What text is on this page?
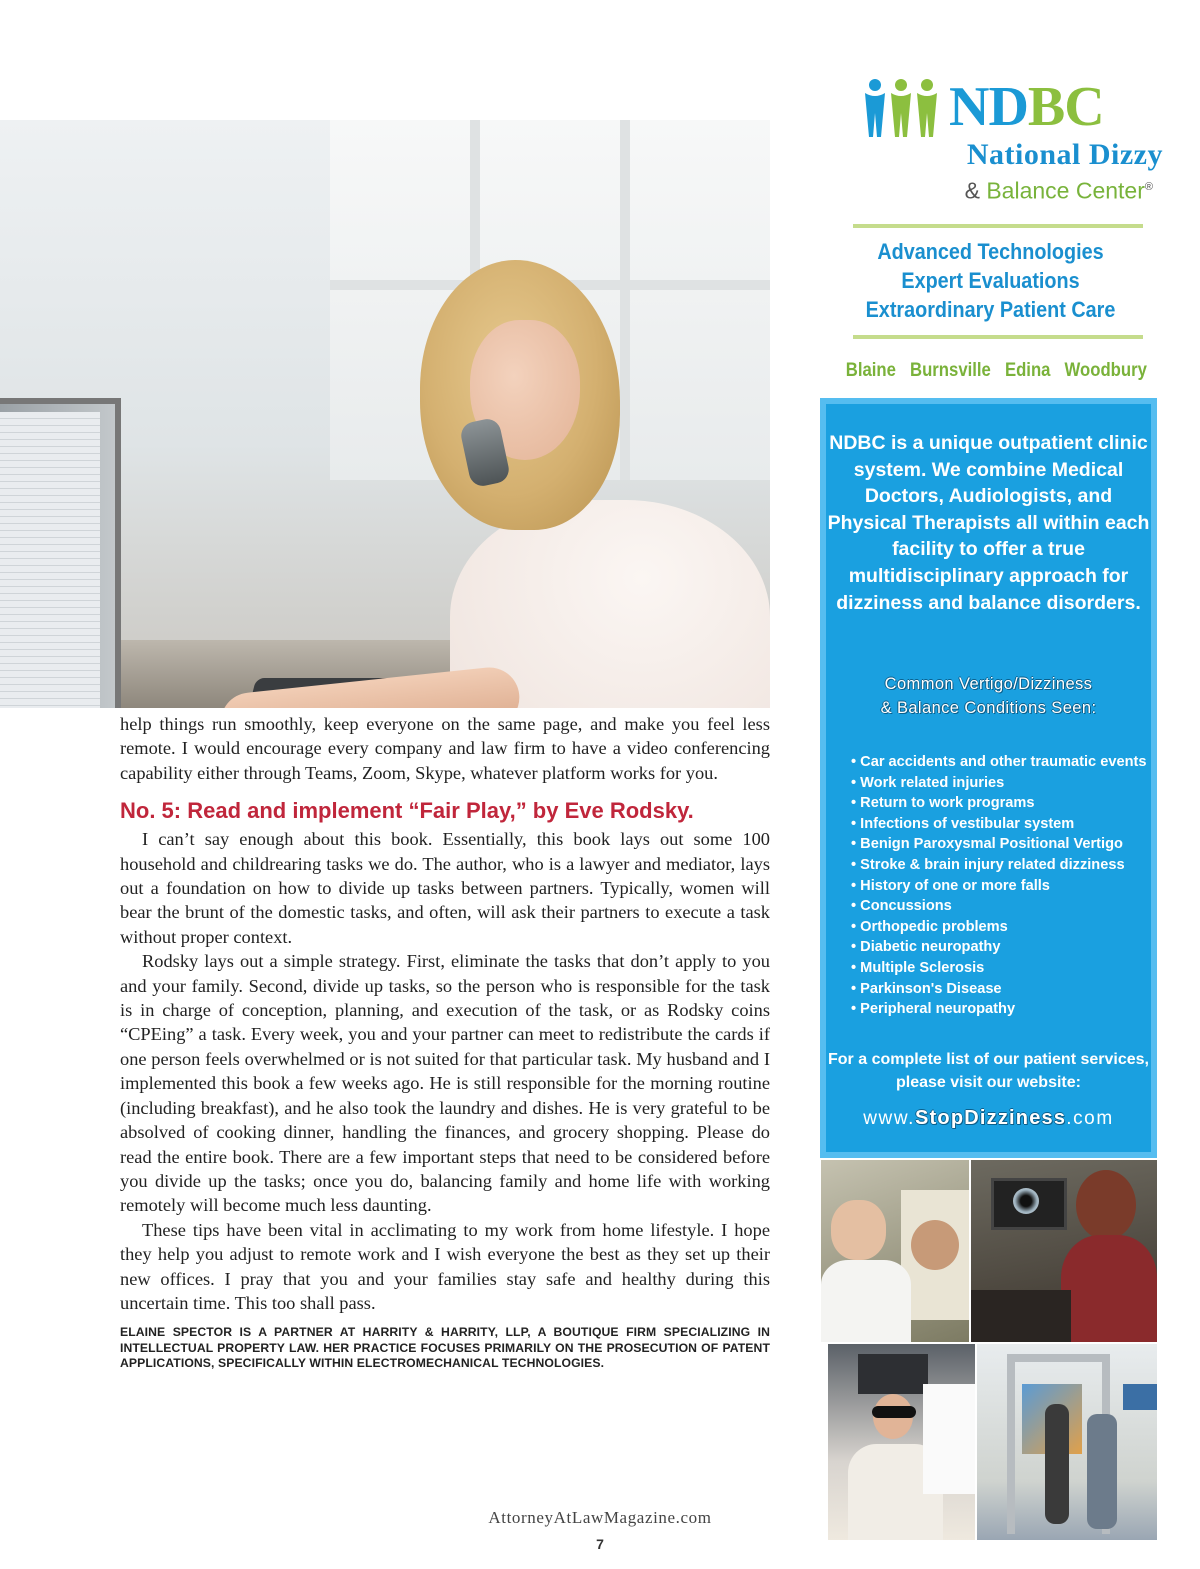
help things run smoothly, keep everyone on the same page, and make you feel less remote. I would encourage every company and law firm to have a video conferencing capability either through Teams, Zoom, Skype, whatever platform works for you.

No. 5: Read and implement “Fair Play,” by Eve Rodsky.

I can’t say enough about this book. Essentially, this book lays out some 100 household and childrearing tasks we do. The author, who is a lawyer and mediator, lays out a foundation on how to divide up tasks between partners. Typically, women will bear the brunt of the domestic tasks, and often, will ask their partners to execute a task without proper context.

Rodsky lays out a simple strategy. First, eliminate the tasks that don’t apply to you and your family. Second, divide up tasks, so the person who is responsible for the task is in charge of conception, planning, and execution of the task, or as Rodsky coins “CPEing” a task. Every week, you and your partner can meet to redistribute the cards if one person feels overwhelmed or is not suited for that particular task. My husband and I implemented this book a few weeks ago. He is still responsible for the morning routine (including breakfast), and he also took the laundry and dishes. He is very grateful to be absolved of cooking dinner, handling the finances, and grocery shopping. Please do read the entire book. There are a few important steps that need to be considered before you divide up the tasks; once you do, balancing family and home life with working remotely will become much less daunting.

These tips have been vital in acclimating to my work from home lifestyle. I hope they help you adjust to remote work and I wish everyone the best as they set up their new offices. I pray that you and your families stay safe and healthy during this uncertain time. This too shall pass.

ELAINE SPECTOR IS A PARTNER AT HARRITY & HARRITY, LLP, A BOUTIQUE FIRM SPECIALIZING IN INTELLECTUAL PROPERTY LAW. HER PRACTICE FOCUSES PRIMARILY ON THE PROSECUTION OF PATENT APPLICATIONS, SPECIFICALLY WITHIN ELECTROMECHANICAL TECHNOLOGIES.
AttorneyAtLawMagazine.com
7
NDBC
National Dizzy
& Balance Center®
Advanced Technologies
Expert Evaluations
Extraordinary Patient Care
Blaine Burnsville Edina Woodbury
NDBC is a unique outpatient clinic system. We combine Medical Doctors, Audiologists, and Physical Therapists all within each facility to offer a true multidisciplinary approach for dizziness and balance disorders.
Common Vertigo/Dizziness
& Balance Conditions Seen:
• Car accidents and other traumatic events
• Work related injuries
• Return to work programs
• Infections of vestibular system
• Benign Paroxysmal Positional Vertigo
• Stroke & brain injury related dizziness
• History of one or more falls
• Concussions
• Orthopedic problems
• Diabetic neuropathy
• Multiple Sclerosis
• Parkinson's Disease
• Peripheral neuropathy
For a complete list of our patient services, please visit our website:
www.StopDizziness.com
